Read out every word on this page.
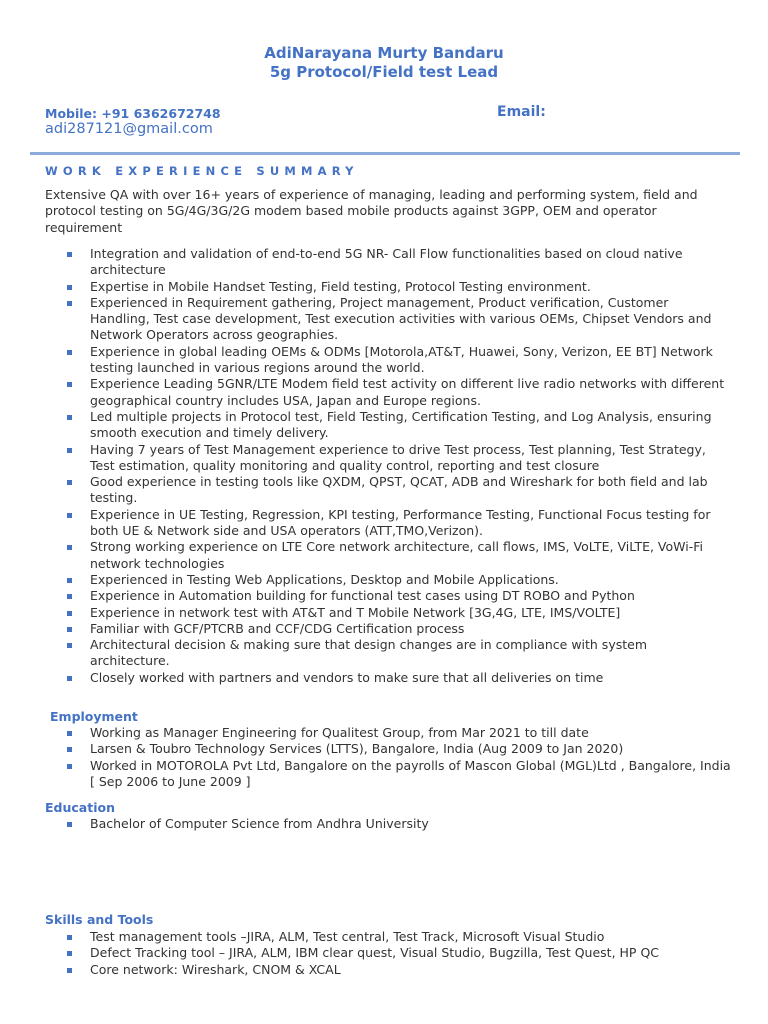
AdiNarayana Murty Bandaru
5g Protocol/Field test Lead
Mobile: +91 6362672748	Email:
adi287121@gmail.com
WORK EXPERIENCE SUMMARY
Extensive QA with over 16+ years of experience of managing, leading and performing system, field and protocol testing on 5G/4G/3G/2G modem based mobile products against 3GPP, OEM and operator requirement
Integration and validation of end-to-end 5G NR- Call Flow functionalities based on cloud native architecture
Expertise in Mobile Handset Testing, Field testing, Protocol Testing environment.
Experienced in Requirement gathering, Project management, Product verification, Customer Handling, Test case development, Test execution activities with various OEMs, Chipset Vendors and Network Operators across geographies.
Experience in global leading OEMs & ODMs [Motorola,AT&T, Huawei, Sony, Verizon, EE BT] Network testing launched in various regions around the world.
Experience Leading 5GNR/LTE Modem field test activity on different live radio networks with different geographical country includes USA, Japan and Europe regions.
Led multiple projects in Protocol test, Field Testing, Certification Testing, and Log Analysis, ensuring smooth execution and timely delivery.
Having 7 years of Test Management experience to drive Test process, Test planning, Test Strategy, Test estimation, quality monitoring and quality control, reporting and test closure
Good experience in testing tools like QXDM, QPST, QCAT, ADB and Wireshark for both field and lab testing.
Experience in UE Testing, Regression, KPI testing, Performance Testing, Functional Focus testing for both UE & Network side and USA operators (ATT,TMO,Verizon).
Strong working experience on LTE Core network architecture, call flows, IMS, VoLTE, ViLTE, VoWi-Fi network technologies
Experienced in Testing Web Applications, Desktop and Mobile Applications.
Experience in Automation building for functional test cases using DT ROBO and Python
Experience in network test with AT&T and T Mobile Network [3G,4G, LTE, IMS/VOLTE]
Familiar with GCF/PTCRB and CCF/CDG Certification process
Architectural decision & making sure that design changes are in compliance with system architecture.
Closely worked with partners and vendors to make sure that all deliveries on time
Employment
Working as Manager Engineering for Qualitest Group, from Mar 2021 to till date
Larsen & Toubro Technology Services (LTTS), Bangalore, India (Aug 2009 to Jan 2020)
Worked in MOTOROLA Pvt Ltd, Bangalore on the payrolls of Mascon Global (MGL)Ltd , Bangalore, India [ Sep 2006 to June 2009 ]
Education
Bachelor of Computer Science from Andhra University
Skills and Tools
Test management tools –JIRA, ALM, Test central, Test Track, Microsoft Visual Studio
Defect Tracking tool – JIRA, ALM, IBM clear quest, Visual Studio, Bugzilla, Test Quest, HP QC
Core network: Wireshark, CNOM & XCAL
